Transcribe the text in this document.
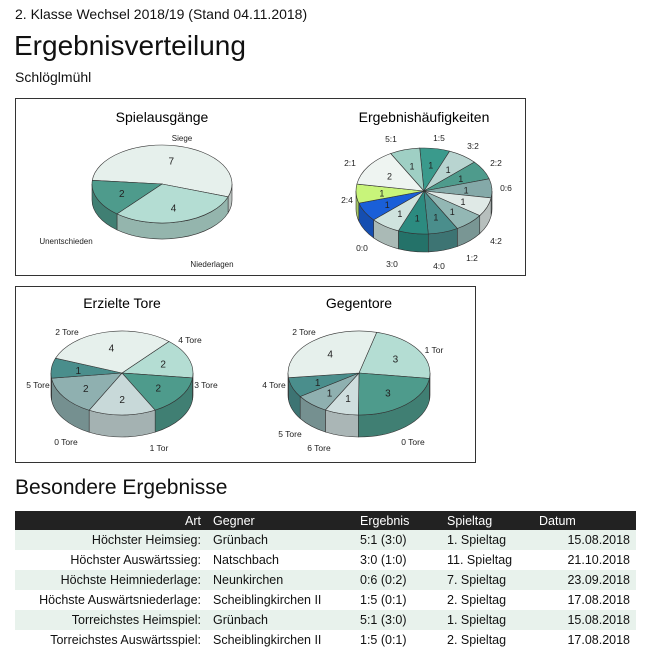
2. Klasse Wechsel 2018/19 (Stand 04.11.2018)
Ergebnisverteilung
Schlöglmühl
Spielausgänge
7
4
2
Siege
Niederlagen
Unentschieden
Ergebnishäufigkeiten
1 1
1
1
1
1
1
1
1
1
1
2
1
1:5
3:2
2:2
0:6
4:2
1:2
4:0
3:0
0:0
2:4
2:1
5:1
Erzielte Tore
2
2
2
2
1
4
4 Tore
3 Tore
1 Tor
0 Tore
5 Tore
2 Tore
Gegentore
3
3
1
1
1
4	1 Tor
0 Tore
6 Tore
5 Tore
4 Tore
2 Tore
Besondere Ergebnisse
Art	Gegner	Ergebnis	Spieltag	Datum
Höchster Heimsieg:	Grünbach	5:1 (3:0)	1. Spieltag	15.08.2018
Höchster Auswärtssieg:	Natschbach	3:0 (1:0)	11. Spieltag	21.10.2018
Höchste Heimniederlage:	Neunkirchen	0:6 (0:2)	7. Spieltag	23.09.2018
Höchste Auswärtsniederlage:	Scheiblingkirchen II	1:5 (0:1)	2. Spieltag	17.08.2018
Torreichstes Heimspiel:	Grünbach	5:1 (3:0)	1. Spieltag	15.08.2018
Torreichstes Auswärtsspiel:	Scheiblingkirchen II	1:5 (0:1)	2. Spieltag	17.08.2018
